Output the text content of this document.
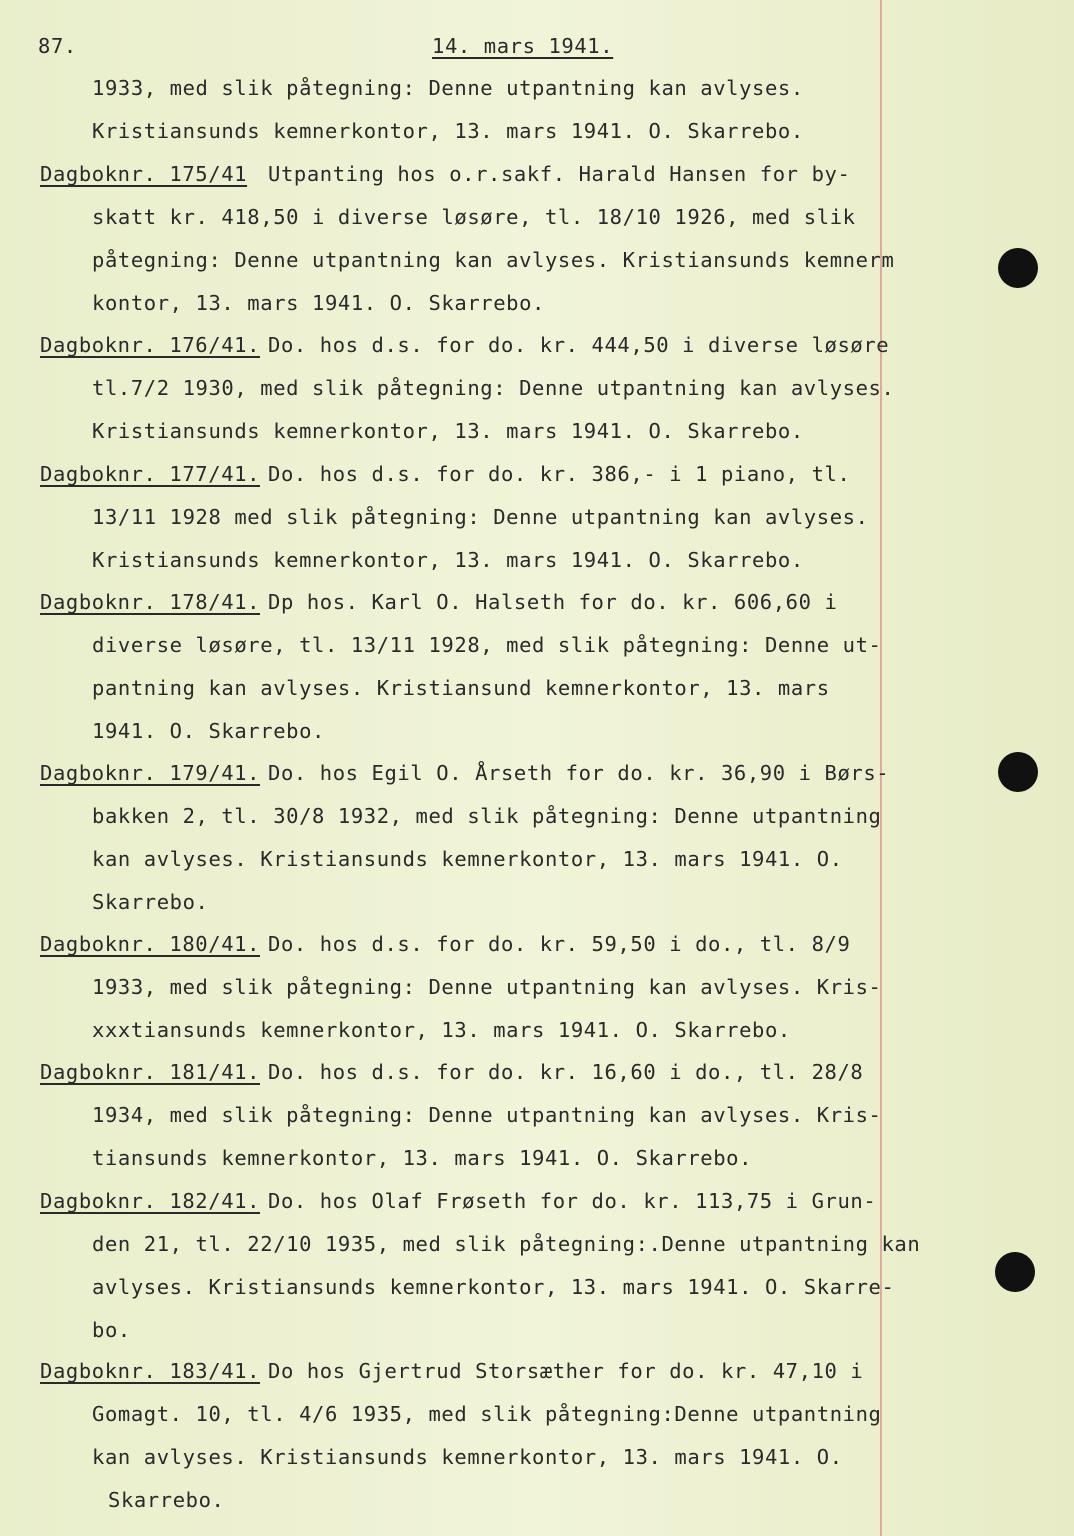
87.	14. mars 1941.
1933, med slik påtegning: Denne utpantning kan avlyses.
Kristiansunds kemnerkontor, 13. mars 1941. O. Skarrebo.
Dagboknr. 175/41 Utpanting hos o.r.sakf. Harald Hansen for by-
skatt kr. 418,50 i diverse løsøre, tl. 18/10 1926, med slik
påtegning: Denne utpantning kan avlyses. Kristiansunds kemnerm
kontor, 13. mars 1941. O. Skarrebo.
Dagboknr. 176/41. Do. hos d.s. for do. kr. 444,50 i diverse løsøre
tl.7/2 1930, med slik påtegning: Denne utpantning kan avlyses.
Kristiansunds kemnerkontor, 13. mars 1941. O. Skarrebo.
Dagboknr. 177/41. Do. hos d.s. for do. kr. 386,- i 1 piano, tl.
13/11 1928 med slik påtegning: Denne utpantning kan avlyses.
Kristiansunds kemnerkontor, 13. mars 1941. O. Skarrebo.
Dagboknr. 178/41. Dp hos. Karl O. Halseth for do. kr. 606,60 i
diverse løsøre, tl. 13/11 1928, med slik påtegning: Denne ut-
pantning kan avlyses. Kristiansund kemnerkontor, 13. mars
1941. O. Skarrebo.
Dagboknr. 179/41. Do. hos Egil O. Årseth for do. kr. 36,90 i Børs-
bakken 2, tl. 30/8 1932, med slik påtegning: Denne utpantning
kan avlyses. Kristiansunds kemnerkontor, 13. mars 1941. O.
Skarrebo.
Dagboknr. 180/41. Do. hos d.s. for do. kr. 59,50 i do., tl. 8/9
1933, med slik påtegning: Denne utpantning kan avlyses. Kris-
xxxtiansunds kemnerkontor, 13. mars 1941. O. Skarrebo.
Dagboknr. 181/41. Do. hos d.s. for do. kr. 16,60 i do., tl. 28/8
1934, med slik påtegning: Denne utpantning kan avlyses. Kris-
tiansunds kemnerkontor, 13. mars 1941. O. Skarrebo.
Dagboknr. 182/41. Do. hos Olaf Frøseth for do. kr. 113,75 i Grun-
den 21, tl. 22/10 1935, med slik påtegning:.Denne utpantning kan
avlyses. Kristiansunds kemnerkontor, 13. mars 1941. O. Skarre-
bo.
Dagboknr. 183/41. Do hos Gjertrud Storsæther for do. kr. 47,10 i
Gomagt. 10, tl. 4/6 1935, med slik påtegning:Denne utpantning
kan avlyses. Kristiansunds kemnerkontor, 13. mars 1941. O.
Skarrebo.
